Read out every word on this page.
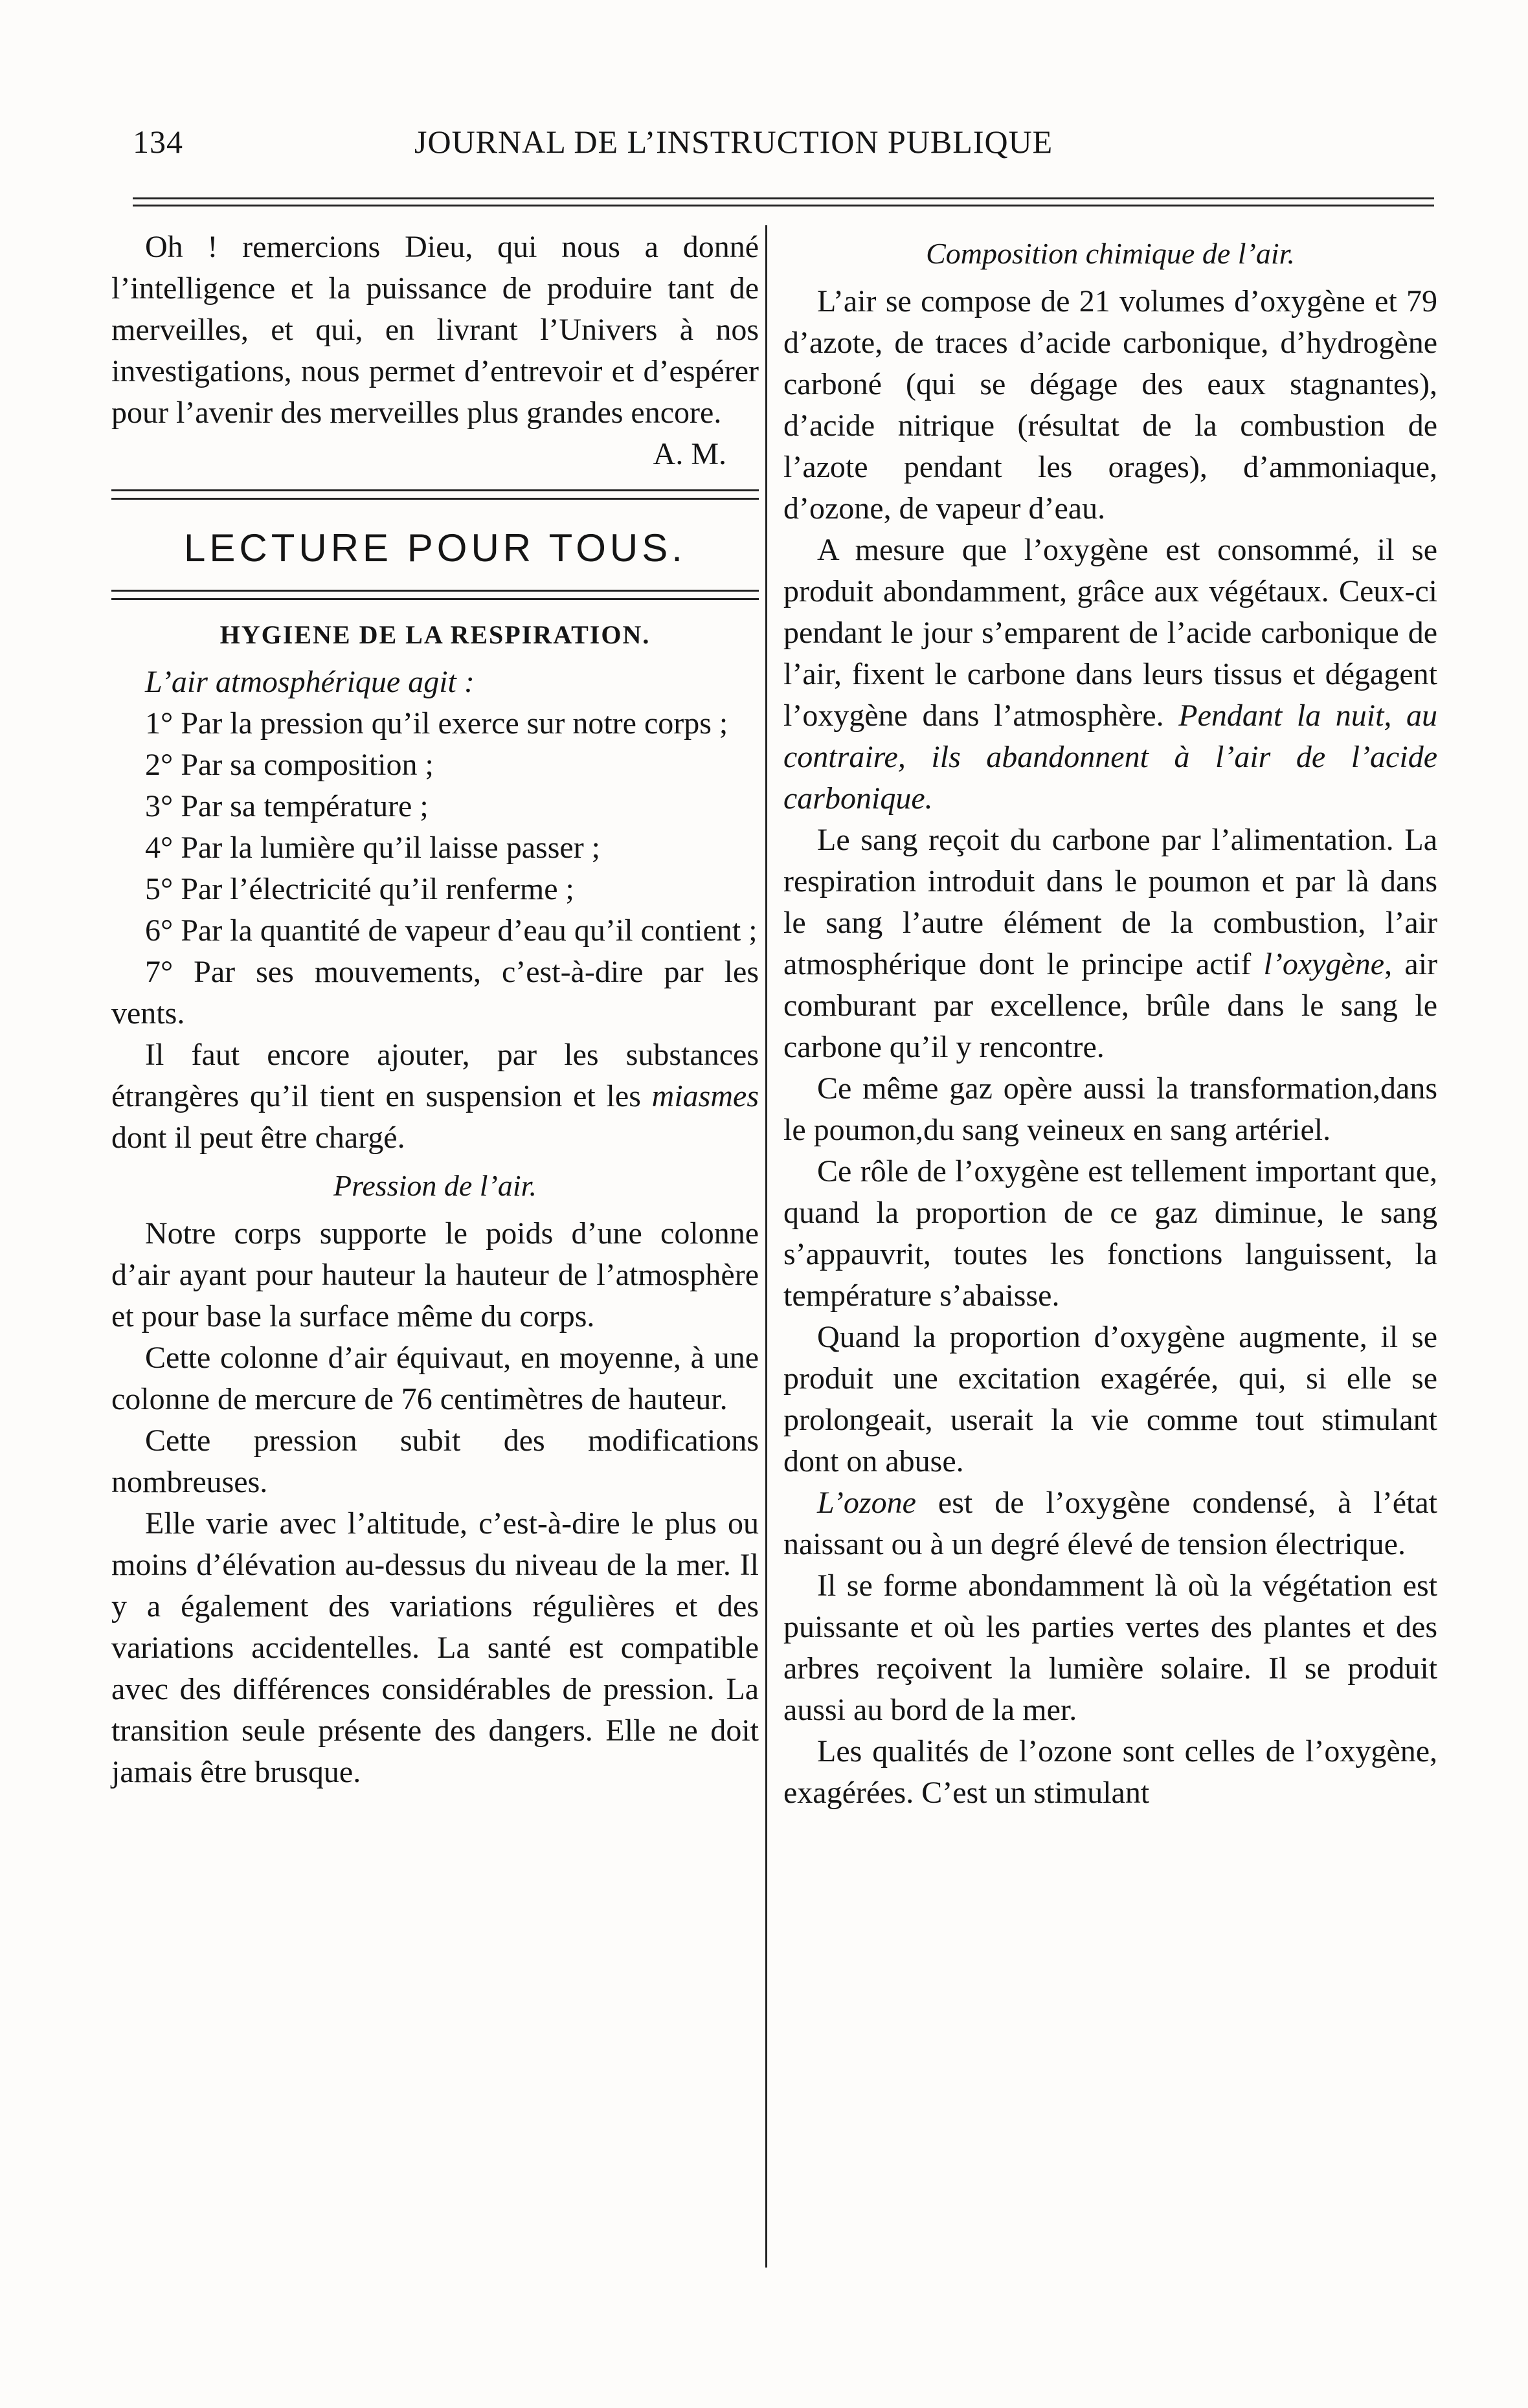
134	JOURNAL DE L’INSTRUCTION PUBLIQUE

Oh ! remercions Dieu, qui nous a donné l’intelligence et la puissance de produire tant de merveilles, et qui, en livrant l’Univers à nos investigations, nous permet d’entrevoir et d’espérer pour l’avenir des merveilles plus grandes encore.

A. M.

LECTURE POUR TOUS.
HYGIENE DE LA RESPIRATION.

L’air atmosphérique agit :

1° Par la pression qu’il exerce sur notre corps ;

2° Par sa composition ;

3° Par sa température ;

4° Par la lumière qu’il laisse passer ;

5° Par l’électricité qu’il renferme ;

6° Par la quantité de vapeur d’eau qu’il contient ;

7° Par ses mouvements, c’est-à-dire par les vents.

Il faut encore ajouter, par les substances étrangères qu’il tient en suspension et les miasmes dont il peut être chargé.

Pression de l’air.

Notre corps supporte le poids d’une colonne d’air ayant pour hauteur la hauteur de l’atmosphère et pour base la surface même du corps.

Cette colonne d’air équivaut, en moyenne, à une colonne de mercure de 76 centimètres de hauteur.

Cette pression subit des modifications nombreuses.

Elle varie avec l’altitude, c’est-à-dire le plus ou moins d’élévation au-dessus du niveau de la mer. Il y a également des variations régulières et des variations accidentelles. La santé est compatible avec des différences considérables de pression. La transition seule présente des dangers. Elle ne doit jamais être brusque.

Composition chimique de l’air.

L’air se compose de 21 volumes d’oxygène et 79 d’azote, de traces d’acide carbonique, d’hydrogène carboné (qui se dégage des eaux stagnantes), d’acide nitrique (résultat de la combustion de l’azote pendant les orages), d’ammoniaque, d’ozone, de vapeur d’eau.

A mesure que l’oxygène est consommé, il se produit abondamment, grâce aux végétaux. Ceux-ci pendant le jour s’emparent de l’acide carbonique de l’air, fixent le carbone dans leurs tissus et dégagent l’oxygène dans l’atmosphère. Pendant la nuit, au contraire, ils abandonnent à l’air de l’acide carbonique.

Le sang reçoit du carbone par l’alimentation. La respiration introduit dans le poumon et par là dans le sang l’autre élément de la combustion, l’air atmosphérique dont le principe actif l’oxygène, air comburant par excellence, brûle dans le sang le carbone qu’il y rencontre.

Ce même gaz opère aussi la transformation,dans le poumon,du sang veineux en sang artériel.

Ce rôle de l’oxygène est tellement important que, quand la proportion de ce gaz diminue, le sang s’appauvrit, toutes les fonctions languissent, la température s’abaisse.

Quand la proportion d’oxygène augmente, il se produit une excitation exagérée, qui, si elle se prolongeait, userait la vie comme tout stimulant dont on abuse.

L’ozone est de l’oxygène condensé, à l’état naissant ou à un degré élevé de tension électrique.

Il se forme abondamment là où la végétation est puissante et où les parties vertes des plantes et des arbres reçoivent la lumière solaire. Il se produit aussi au bord de la mer.

Les qualités de l’ozone sont celles de l’oxygène, exagérées. C’est un stimulant
